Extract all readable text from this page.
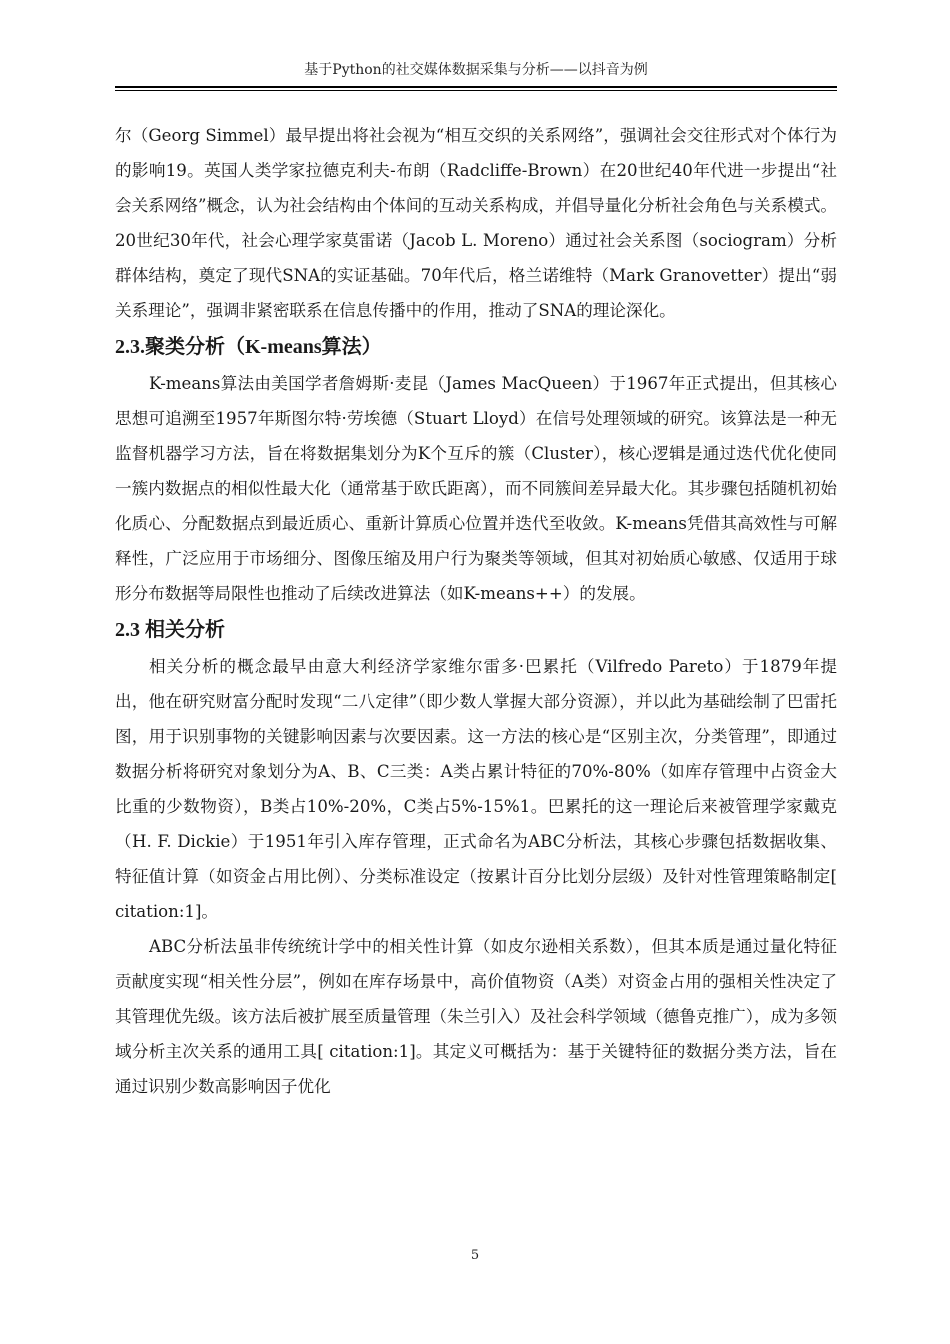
基于Python的社交媒体数据采集与分析——以抖音为例

尔（Georg Simmel）最早提出将社会视为“相互交织的关系网络”，强调社会交往形式对个体行为的影响19。英国人类学家拉德克利夫-布朗（Radcliffe-Brown）在20世纪40年代进一步提出“社会关系网络”概念，认为社会结构由个体间的互动关系构成，并倡导量化分析社会角色与关系模式。20世纪30年代，社会心理学家莫雷诺（Jacob L. Moreno）通过社会关系图（sociogram）分析群体结构，奠定了现代SNA的实证基础。70年代后，格兰诺维特（Mark Granovetter）提出“弱关系理论”，强调非紧密联系在信息传播中的作用，推动了SNA的理论深化。

2.3.聚类分析（K-means算法）

K-means算法由美国学者詹姆斯·麦昆（James MacQueen）于1967年正式提出，但其核心思想可追溯至1957年斯图尔特·劳埃德（Stuart Lloyd）在信号处理领域的研究。该算法是一种无监督机器学习方法，旨在将数据集划分为K个互斥的簇（Cluster），核心逻辑是通过迭代优化使同一簇内数据点的相似性最大化（通常基于欧氏距离），而不同簇间差异最大化。其步骤包括随机初始化质心、分配数据点到最近质心、重新计算质心位置并迭代至收敛。K-means凭借其高效性与可解释性，广泛应用于市场细分、图像压缩及用户行为聚类等领域，但其对初始质心敏感、仅适用于球形分布数据等局限性也推动了后续改进算法（如K-means++）的发展。

2.3 相关分析

相关分析的概念最早由意大利经济学家维尔雷多·巴累托（Vilfredo Pareto）于1879年提出，他在研究财富分配时发现“二八定律”（即少数人掌握大部分资源），并以此为基础绘制了巴雷托图，用于识别事物的关键影响因素与次要因素。这一方法的核心是“区别主次，分类管理”，即通过数据分析将研究对象划分为A、B、C三类：A类占累计特征的70%-80%（如库存管理中占资金大比重的少数物资），B类占10%-20%，C类占5%-15%1。巴累托的这一理论后来被管理学家戴克（H. F. Dickie）于1951年引入库存管理，正式命名为ABC分析法，其核心步骤包括数据收集、特征值计算（如资金占用比例）、分类标准设定（按累计百分比划分层级）及针对性管理策略制定[ citation:1]。

ABC分析法虽非传统统计学中的相关性计算（如皮尔逊相关系数），但其本质是通过量化特征贡献度实现“相关性分层”，例如在库存场景中，高价值物资（A类）对资金占用的强相关性决定了其管理优先级。该方法后被扩展至质量管理（朱兰引入）及社会科学领域（德鲁克推广），成为多领域分析主次关系的通用工具[ citation:1]。其定义可概括为：基于关键特征的数据分类方法，旨在通过识别少数高影响因子优化

5
